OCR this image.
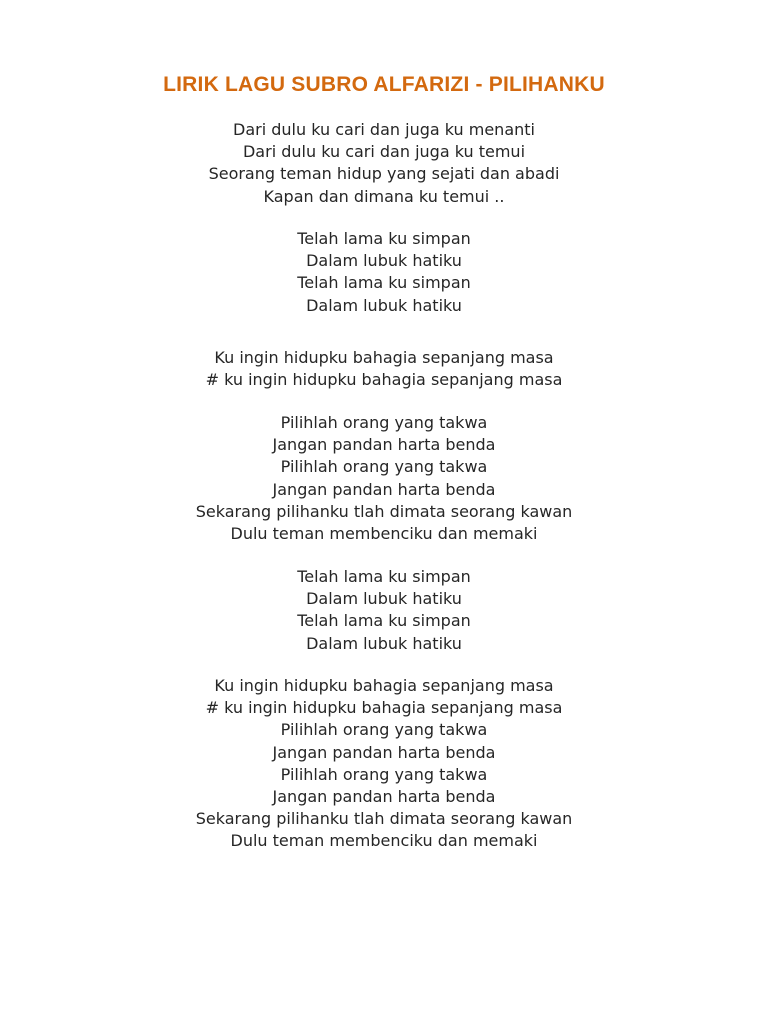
LIRIK LAGU SUBRO ALFARIZI - PILIHANKU
Dari dulu ku cari dan juga ku menanti
Dari dulu ku cari dan juga ku temui
Seorang teman hidup yang sejati dan abadi
Kapan dan dimana ku temui ..
Telah lama ku simpan
Dalam lubuk hatiku
Telah lama ku simpan
Dalam lubuk hatiku
Ku ingin hidupku bahagia sepanjang masa
# ku ingin hidupku bahagia sepanjang masa
Pilihlah orang yang takwa
Jangan pandan harta benda
Pilihlah orang yang takwa
Jangan pandan harta benda
Sekarang pilihanku tlah dimata seorang kawan
Dulu teman membenciku dan memaki
Telah lama ku simpan
Dalam lubuk hatiku
Telah lama ku simpan
Dalam lubuk hatiku
Ku ingin hidupku bahagia sepanjang masa
# ku ingin hidupku bahagia sepanjang masa
Pilihlah orang yang takwa
Jangan pandan harta benda
Pilihlah orang yang takwa
Jangan pandan harta benda
Sekarang pilihanku tlah dimata seorang kawan
Dulu teman membenciku dan memaki
